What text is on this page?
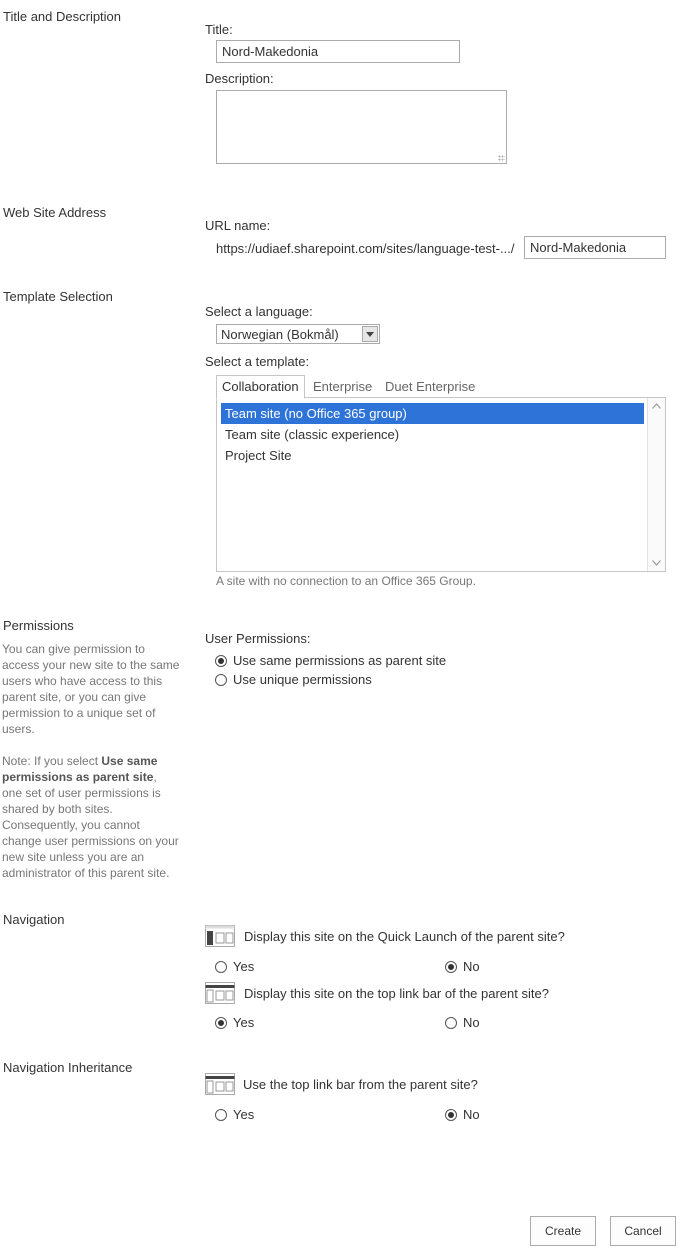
Title and Description
Title:
Nord-Makedonia
Description:
Web Site Address
URL name:
https://udiaef.sharepoint.com/sites/language-test-.../
Nord-Makedonia
Template Selection
Select a language:
Norwegian (Bokmål)
Select a template:
Collaboration	Enterprise Duet Enterprise
Team site (no Office 365 group)
Team site (classic experience)
Project Site
A site with no connection to an Office 365 Group.
Permissions
You can give permission to access your new site to the same users who have access to this parent site, or you can give permission to a unique set of users.
Note: If you select Use same permissions as parent site, one set of user permissions is shared by both sites. Consequently, you cannot change user permissions on your new site unless you are an administrator of this parent site.
User Permissions:
Use same permissions as parent site
Use unique permissions
Navigation
Display this site on the Quick Launch of the parent site?
Yes	No
Display this site on the top link bar of the parent site?
Yes	No
Navigation Inheritance
Use the top link bar from the parent site?
Yes	No
Create	Cancel
